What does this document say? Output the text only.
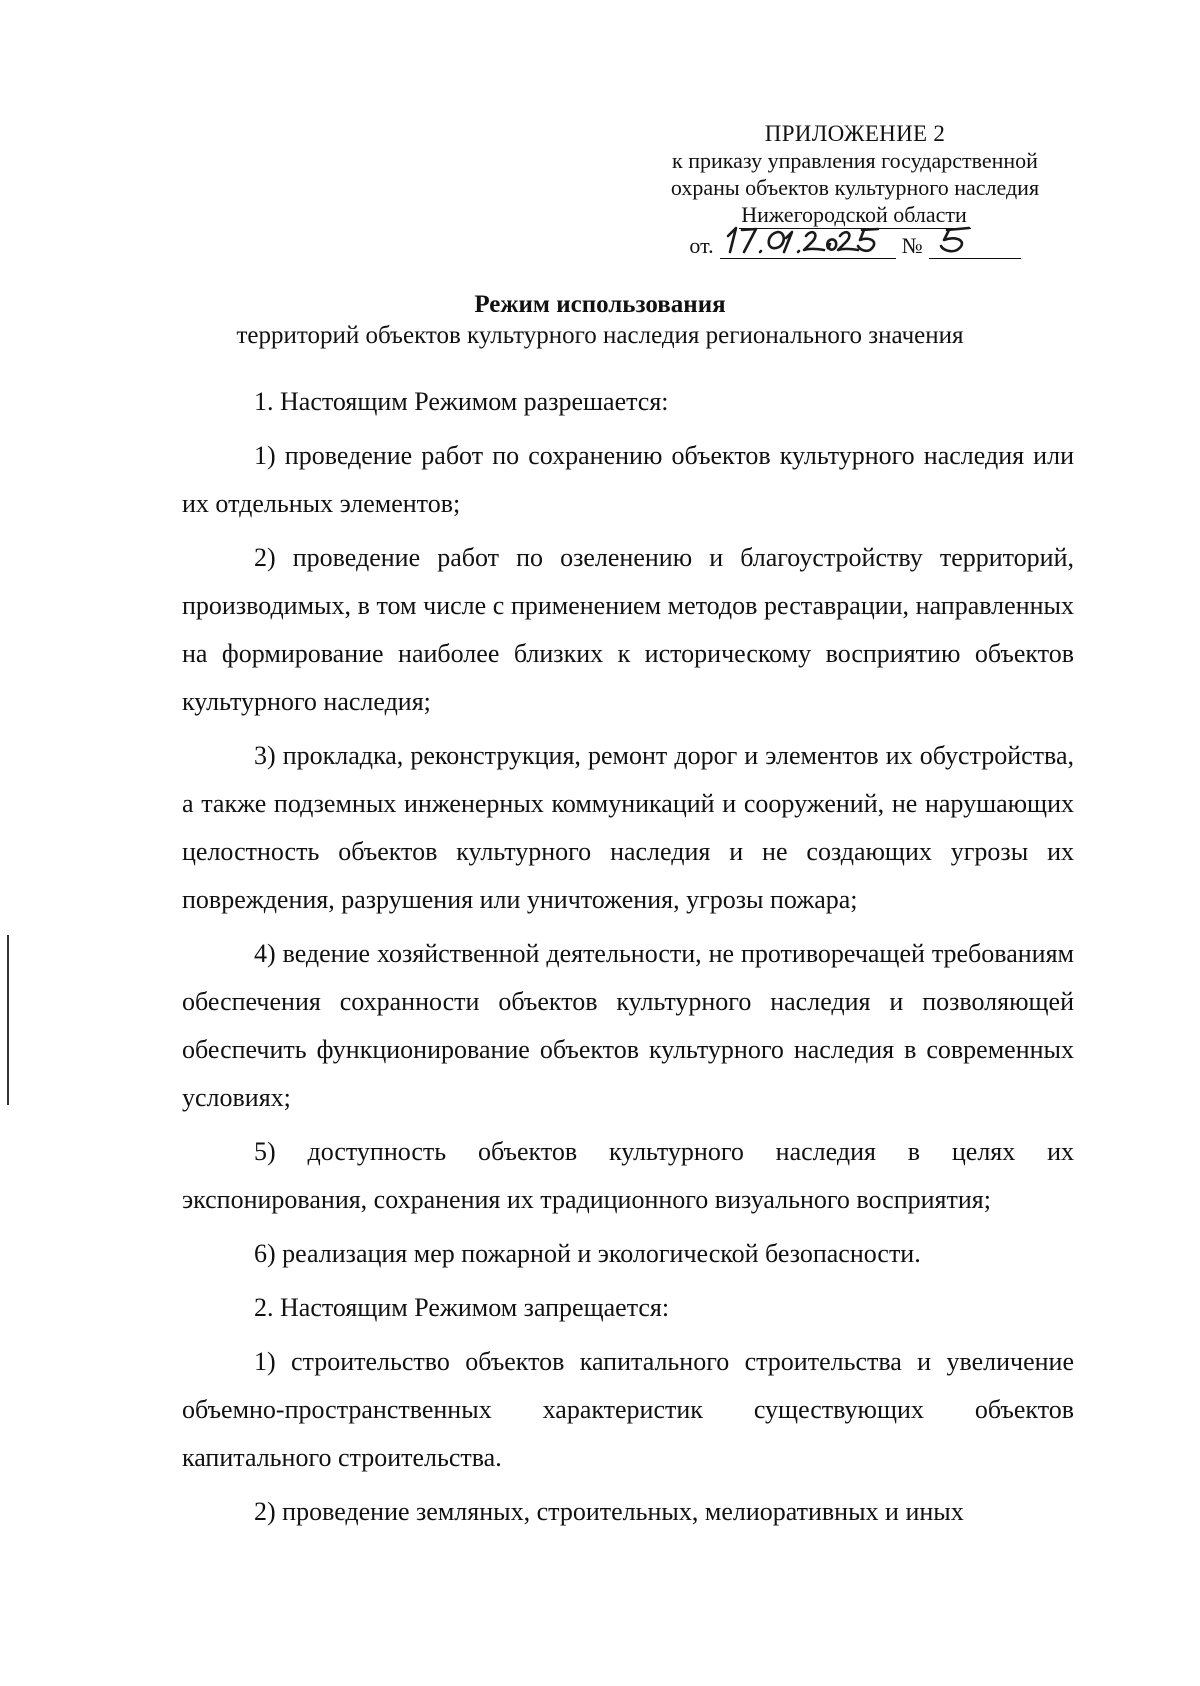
ПРИЛОЖЕНИЕ 2
к приказу управления государственной
охраны объектов культурного наследия
Нижегородской области
от.	№
Режим использования
территорий объектов культурного наследия регионального значения

1. Настоящим Режимом разрешается:

1) проведение работ по сохранению объектов культурного наследия или их отдельных элементов;

2) проведение работ по озеленению и благоустройству территорий, производимых, в том числе с применением методов реставрации, направленных на формирование наиболее близких к историческому восприятию объектов культурного наследия;

3) прокладка, реконструкция, ремонт дорог и элементов их обустройства, а также подземных инженерных коммуникаций и сооружений, не нарушающих целостность объектов культурного наследия и не создающих угрозы их повреждения, разрушения или уничтожения, угрозы пожара;

4) ведение хозяйственной деятельности, не противоречащей требованиям обеспечения сохранности объектов культурного наследия и позволяющей обеспечить функционирование объектов культурного наследия в современных условиях;

5) доступность объектов культурного наследия в целях их экспонирования, сохранения их традиционного визуального восприятия;

6) реализация мер пожарной и экологической безопасности.

2. Настоящим Режимом запрещается:

1) строительство объектов капитального строительства и увеличение объемно-пространственных характеристик существующих объектов капитального строительства.

2) проведение земляных, строительных, мелиоративных и иных
